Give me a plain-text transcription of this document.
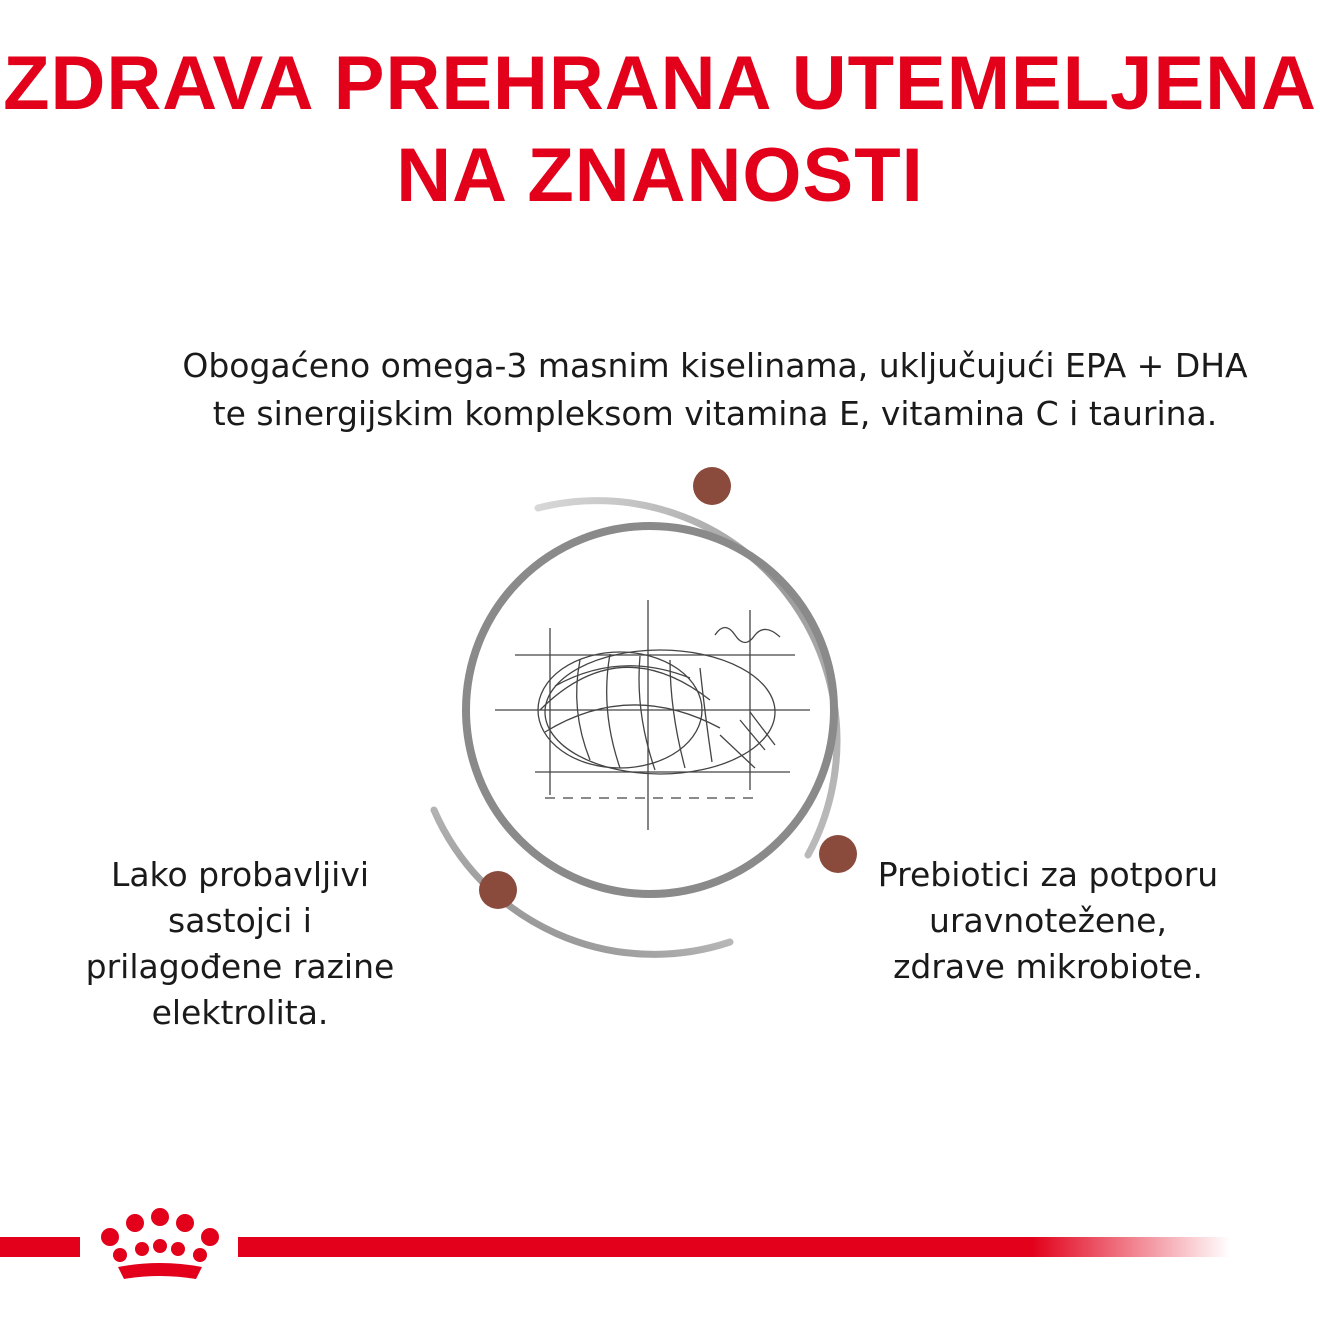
ZDRAVA PREHRANA UTEMELJENA
NA ZNANOSTI
Obogaćeno omega-3 masnim kiselinama, uključujući EPA + DHA
te sinergijskim kompleksom vitamina E, vitamina C i taurina.
Lako probavljivi
sastojci i
prilagođene razine
elektrolita.
Prebiotici za potporu
uravnotežene,
zdrave mikrobiote.
